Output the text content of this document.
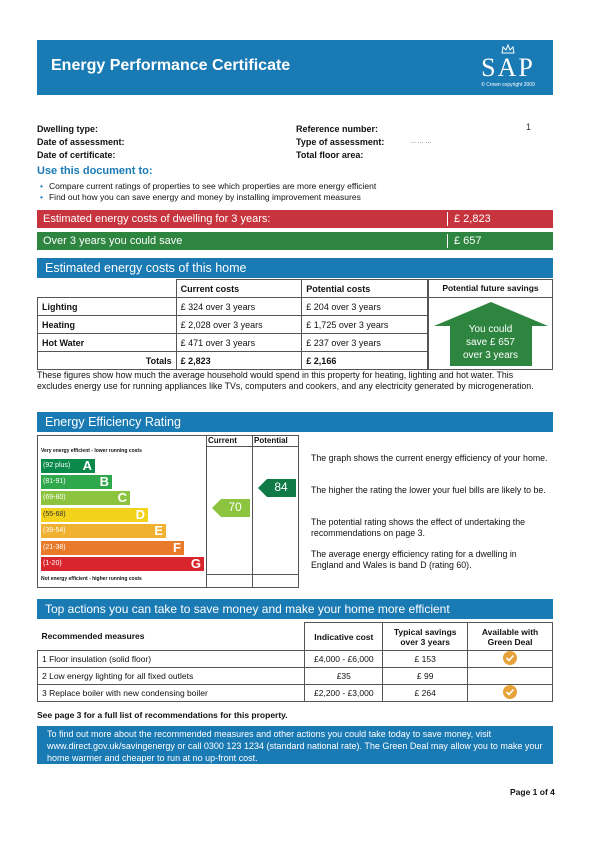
Energy Performance Certificate	SAP
© Crown copyright 2009
Dwelling type:
Date of assessment:
Date of certificate:
Reference number:
Type of assessment:
Total floor area:
... ... ...
1
Use this document to:
• Compare current ratings of properties to see which properties are more energy efficient
• Find out how you can save energy and money by installing improvement measures
Estimated energy costs of dwelling for 3 years:	£ 2,823
Over 3 years you could save	£ 657
Estimated energy costs of this home
	Current costs	Potential costs
Lighting	£ 324 over 3 years	£ 204 over 3 years
Heating	£ 2,028 over 3 years	£ 1,725 over 3 years
Hot Water	£ 471 over 3 years	£ 237 over 3 years
Totals	£ 2,823	£ 2,166
Potential future savings
You could
save £ 657
over 3 years
These figures show how much the average household would spend in this property for heating, lighting and hot water. This excludes energy use for running appliances like TVs, computers and cookers, and any electricity generated by microgeneration.
Energy Efficiency Rating
Current Potential
Very energy efficient - lower running costs
Not energy efficient - higher running costs
(92 plus) A
(81-91)	B
(69-80)	C
(55-68)	D
(39-54)	E
(21-38)	F
(1-20)	G
70
84
The graph shows the current energy efficiency of your home.
The higher the rating the lower your fuel bills are likely to be.
The potential rating shows the effect of undertaking the recommendations on page 3.
The average energy efficiency rating for a dwelling in England and Wales is band D (rating 60).
Top actions you can take to save money and make your home more efficient
Recommended measures	Indicative cost	Typical savings over 3 years	Available with Green Deal
1 Floor insulation (solid floor)	£4,000 - £6,000	£ 153	
2 Low energy lighting for all fixed outlets	£35	£ 99	
3 Replace boiler with new condensing boiler	£2,200 - £3,000	£ 264	
See page 3 for a full list of recommendations for this property.
To find out more about the recommended measures and other actions you could take today to save money, visit www.direct.gov.uk/savingenergy or call 0300 123 1234 (standard national rate). The Green Deal may allow you to make your home warmer and cheaper to run at no up-front cost.
Page 1 of 4
